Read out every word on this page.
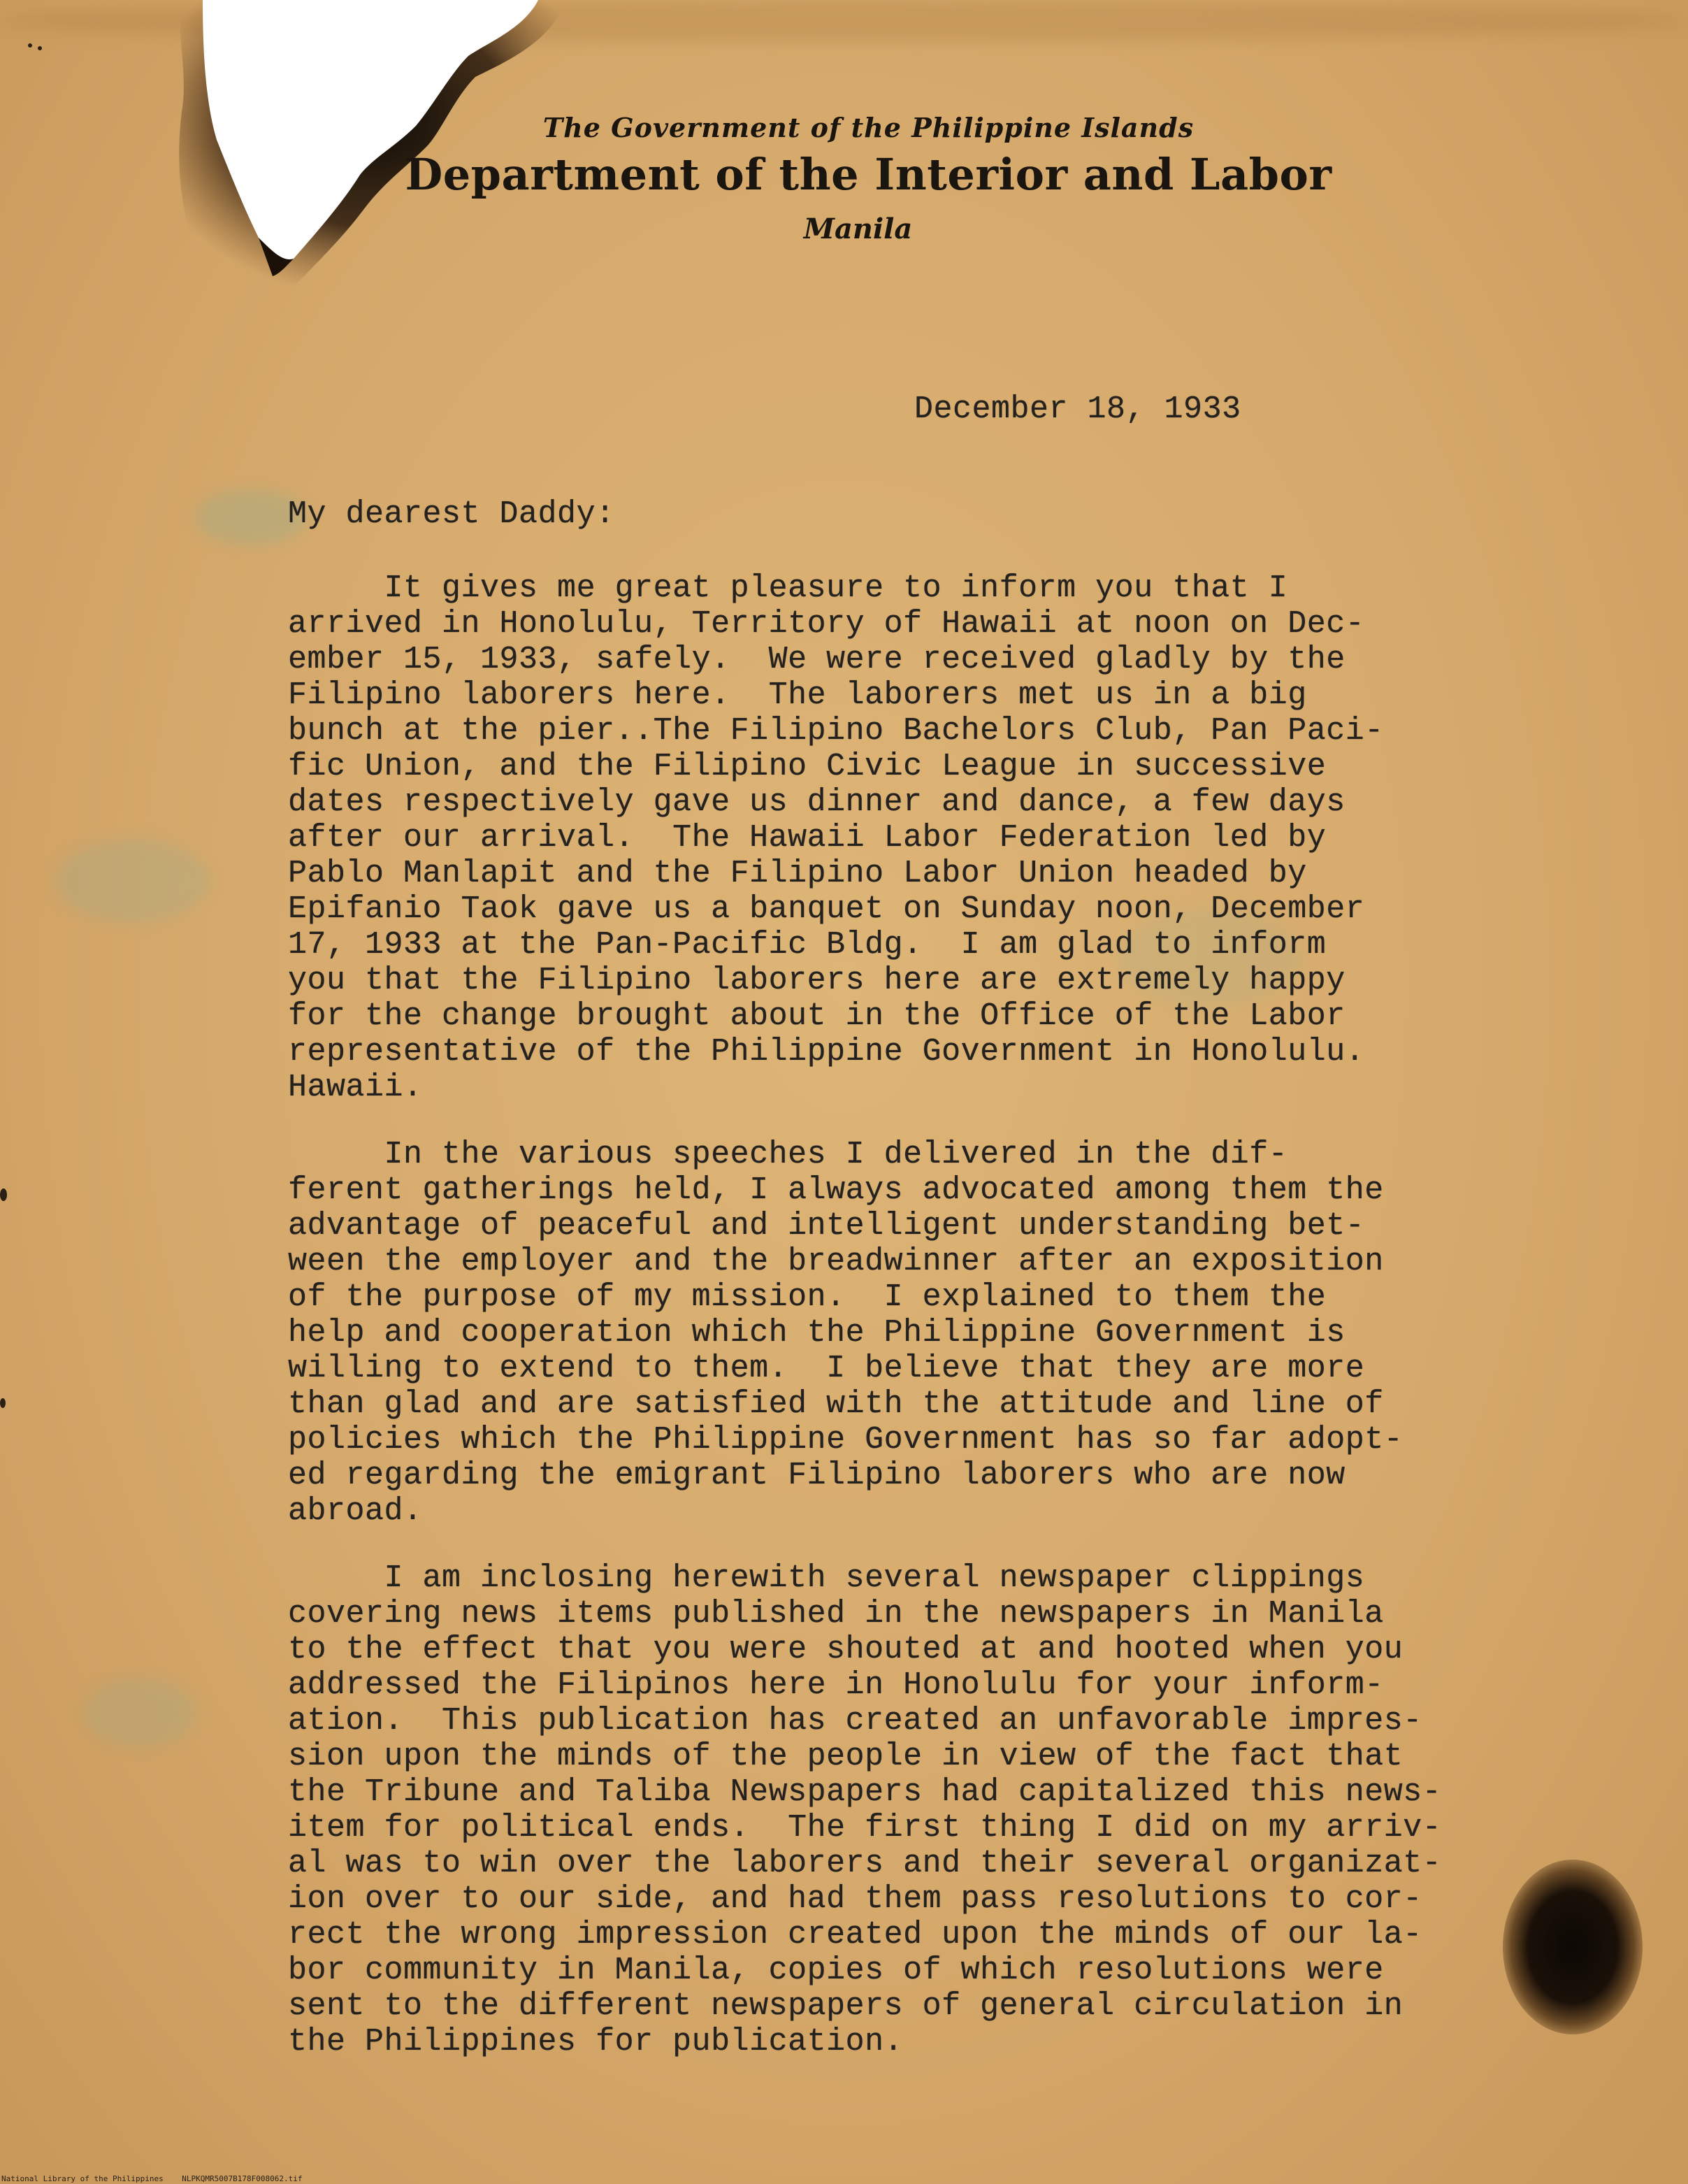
The Government of the Philippine Islands
Department of the Interior and Labor
Manila
December 18, 1933
My dearest Daddy:
It gives me great pleasure to inform you that I
arrived in Honolulu, Territory of Hawaii at noon on Dec-
ember 15, 1933, safely.  We were received gladly by the
Filipino laborers here.  The laborers met us in a big
bunch at the pier..The Filipino Bachelors Club, Pan Paci-
fic Union, and the Filipino Civic League in successive
dates respectively gave us dinner and dance, a few days
after our arrival.  The Hawaii Labor Federation led by
Pablo Manlapit and the Filipino Labor Union headed by
Epifanio Taok gave us a banquet on Sunday noon, December
17, 1933 at the Pan-Pacific Bldg.  I am glad to inform
you that the Filipino laborers here are extremely happy
for the change brought about in the Office of the Labor
representative of the Philippine Government in Honolulu.
Hawaii.
In the various speeches I delivered in the dif-
ferent gatherings held, I always advocated among them the
advantage of peaceful and intelligent understanding bet-
ween the employer and the breadwinner after an exposition
of the purpose of my mission.  I explained to them the
help and cooperation which the Philippine Government is
willing to extend to them.  I believe that they are more
than glad and are satisfied with the attitude and line of
policies which the Philippine Government has so far adopt-
ed regarding the emigrant Filipino laborers who are now
abroad.
I am inclosing herewith several newspaper clippings
covering news items published in the newspapers in Manila
to the effect that you were shouted at and hooted when you
addressed the Filipinos here in Honolulu for your inform-
ation.  This publication has created an unfavorable impres-
sion upon the minds of the people in view of the fact that
the Tribune and Taliba Newspapers had capitalized this news-
item for political ends.  The first thing I did on my arriv-
al was to win over the laborers and their several organizat-
ion over to our side, and had them pass resolutions to cor-
rect the wrong impression created upon the minds of our la-
bor community in Manila, copies of which resolutions were
sent to the different newspapers of general circulation in
the Philippines for publication.
National Library of the Philippines NLPKQMR5007B178F008062.tif
